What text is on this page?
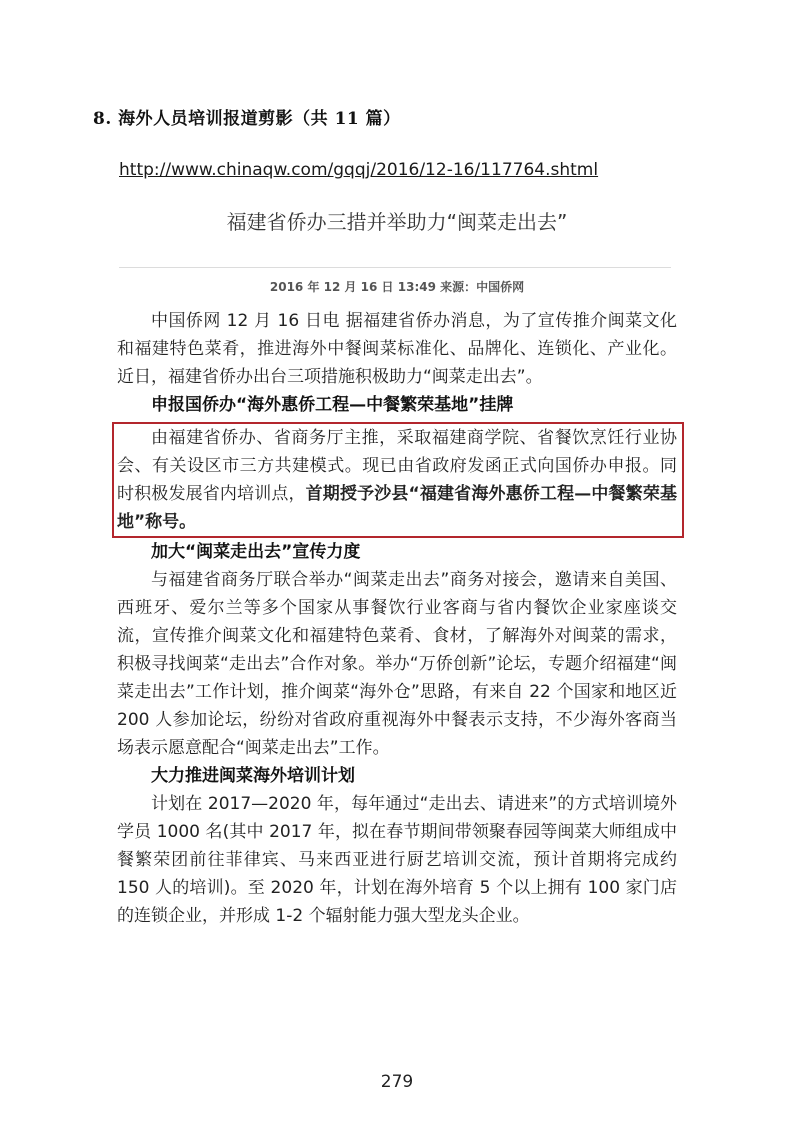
8. 海外人员培训报道剪影（共 11 篇）
http://www.chinaqw.com/gqqj/2016/12-16/117764.shtml
福建省侨办三措并举助力“闽菜走出去”
2016 年 12 月 16 日 13:49 来源：中国侨网

中国侨网 12 月 16 日电 据福建省侨办消息，为了宣传推介闽菜文化和福建特色菜肴，推进海外中餐闽菜标准化、品牌化、连锁化、产业化。近日，福建省侨办出台三项措施积极助力“闽菜走出去”。

申报国侨办“海外惠侨工程—中餐繁荣基地”挂牌

由福建省侨办、省商务厅主推，采取福建商学院、省餐饮烹饪行业协会、有关设区市三方共建模式。现已由省政府发函正式向国侨办申报。同时积极发展省内培训点，首期授予沙县“福建省海外惠侨工程—中餐繁荣基地”称号。

加大“闽菜走出去”宣传力度

与福建省商务厅联合举办“闽菜走出去”商务对接会，邀请来自美国、西班牙、爱尔兰等多个国家从事餐饮行业客商与省内餐饮企业家座谈交流，宣传推介闽菜文化和福建特色菜肴、食材，了解海外对闽菜的需求，积极寻找闽菜“走出去”合作对象。举办“万侨创新”论坛，专题介绍福建“闽菜走出去”工作计划，推介闽菜“海外仓”思路，有来自 22 个国家和地区近 200 人参加论坛，纷纷对省政府重视海外中餐表示支持，不少海外客商当场表示愿意配合“闽菜走出去”工作。

大力推进闽菜海外培训计划

计划在 2017—2020 年，每年通过“走出去、请进来”的方式培训境外学员 1000 名(其中 2017 年，拟在春节期间带领聚春园等闽菜大师组成中餐繁荣团前往菲律宾、马来西亚进行厨艺培训交流，预计首期将完成约 150 人的培训)。至 2020 年，计划在海外培育 5 个以上拥有 100 家门店的连锁企业，并形成 1-2 个辐射能力强大型龙头企业。

279
